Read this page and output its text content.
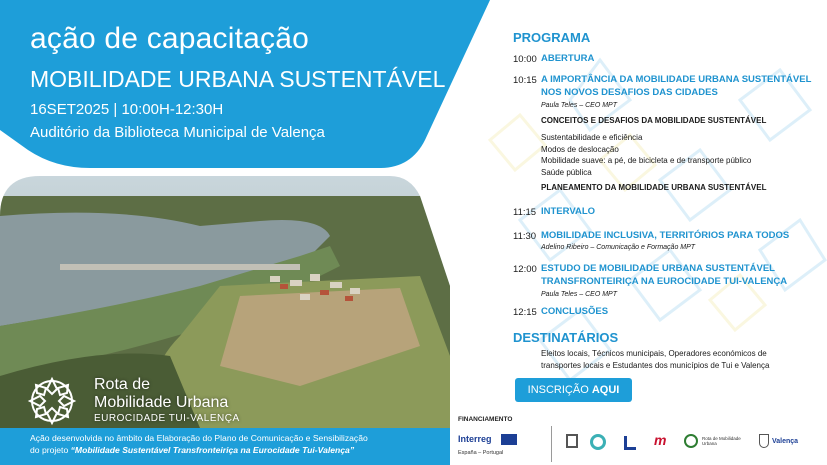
ação de capacitação
MOBILIDADE URBANA SUSTENTÁVEL
16SET2025 | 10:00H-12:30H
Auditório da Biblioteca Municipal de Valença
Rota de
Mobilidade Urbana
EUROCIDADE TUI-VALENÇA
Ação desenvolvida no âmbito da Elaboração do Plano de Comunicação e Sensibilização
do projeto “Mobilidade Sustentável Transfronteiriça na Eurocidade Tui-Valença”
PROGRAMA
10:00 ABERTURA
10:15 A IMPORTÂNCIA DA MOBILIDADE URBANA SUSTENTÁVEL
NOS NOVOS DESAFIOS DAS CIDADES
Paula Teles – CEO MPT
CONCEITOS E DESAFIOS DA MOBILIDADE SUSTENTÁVEL
Sustentabilidade e eficiência
Modos de deslocação
Mobilidade suave: a pé, de bicicleta e de transporte público
Saúde pública
PLANEAMENTO DA MOBILIDADE URBANA SUSTENTÁVEL
11:15 INTERVALO
11:30 MOBILIDADE INCLUSIVA, TERRITÓRIOS PARA TODOS
Adelino Ribeiro – Comunicação e Formação MPT
12:00 ESTUDO DE MOBILIDADE URBANA SUSTENTÁVEL
TRANSFRONTEIRIÇA NA EUROCIDADE TUI-VALENÇA
Paula Teles – CEO MPT
12:15 CONCLUSÕES
DESTINATÁRIOS
Eleitos locais, Técnicos municipais, Operadores económicos de
transportes locais e Estudantes dos municípios de Tui e Valença
INSCRIÇÃO AQUI
FINANCIAMENTO
Interreg
España – Portugal
m	Rota de Mobilidade Urbana	Valença
